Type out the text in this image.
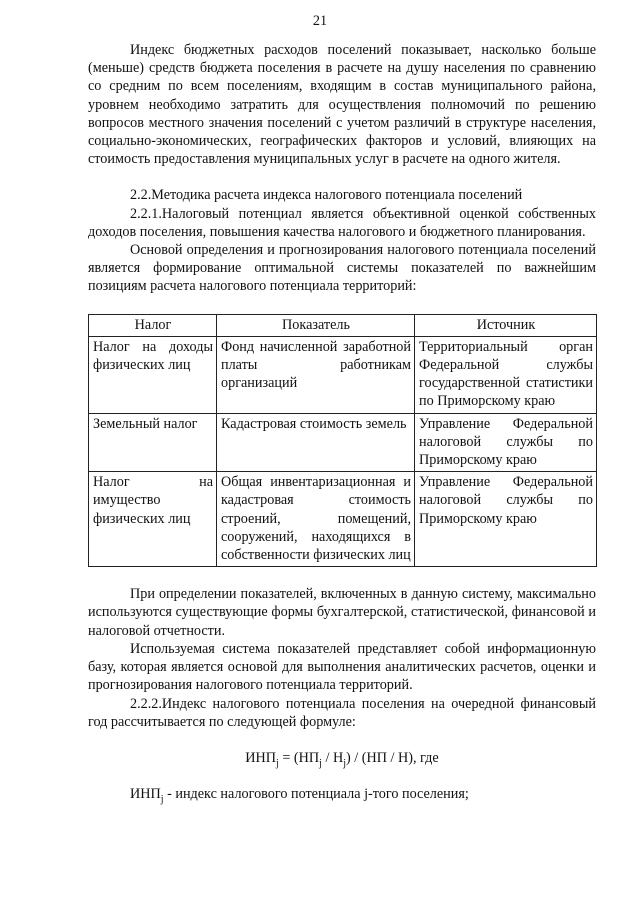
21

Индекс бюджетных расходов поселений показывает, насколько больше (меньше) средств бюджета поселения в расчете на душу населения по сравнению со средним по всем поселениям, входящим в состав муниципального района, уровнем необходимо затратить для осуществления полномочий по решению вопросов местного значения поселений с учетом различий в структуре населения, социально-экономических, географических факторов и условий, влияющих на стоимость предоставления муниципальных услуг в расчете на одного жителя.

2.2.Методика расчета индекса налогового потенциала поселений

2.2.1.Налоговый потенциал является объективной оценкой собственных доходов поселения, повышения качества налогового и бюджетного планирования.

Основой определения и прогнозирования налогового потенциала поселений является формирование оптимальной системы показателей по важнейшим позициям расчета налогового потенциала территорий:

Налог	Показатель	Источник
Налог на доходы физических лиц	Фонд начисленной заработной платы работникам организаций	Территориальный орган Федеральной службы государственной статистики по Приморскому краю
Земельный налог	Кадастровая стоимость земель	Управление Федеральной налоговой службы по Приморскому краю
Налог на имущество физических лиц	Общая инвентаризационная и кадастровая стоимость строений, помещений, сооружений, находящихся в собственности физических лиц	Управление Федеральной налоговой службы по Приморскому краю

При определении показателей, включенных в данную систему, максимально используются существующие формы бухгалтерской, статистической, финансовой и налоговой отчетности.

Используемая система показателей представляет собой информационную базу, которая является основой для выполнения аналитических расчетов, оценки и прогнозирования налогового потенциала территорий.

2.2.2.Индекс налогового потенциала поселения на очередной финансовый год рассчитывается по следующей формуле:

$ИНП_j = (НП_j / Н_j) / (НП / Н)$, где

$ИНП_j$ - индекс налогового потенциала j-того поселения;
